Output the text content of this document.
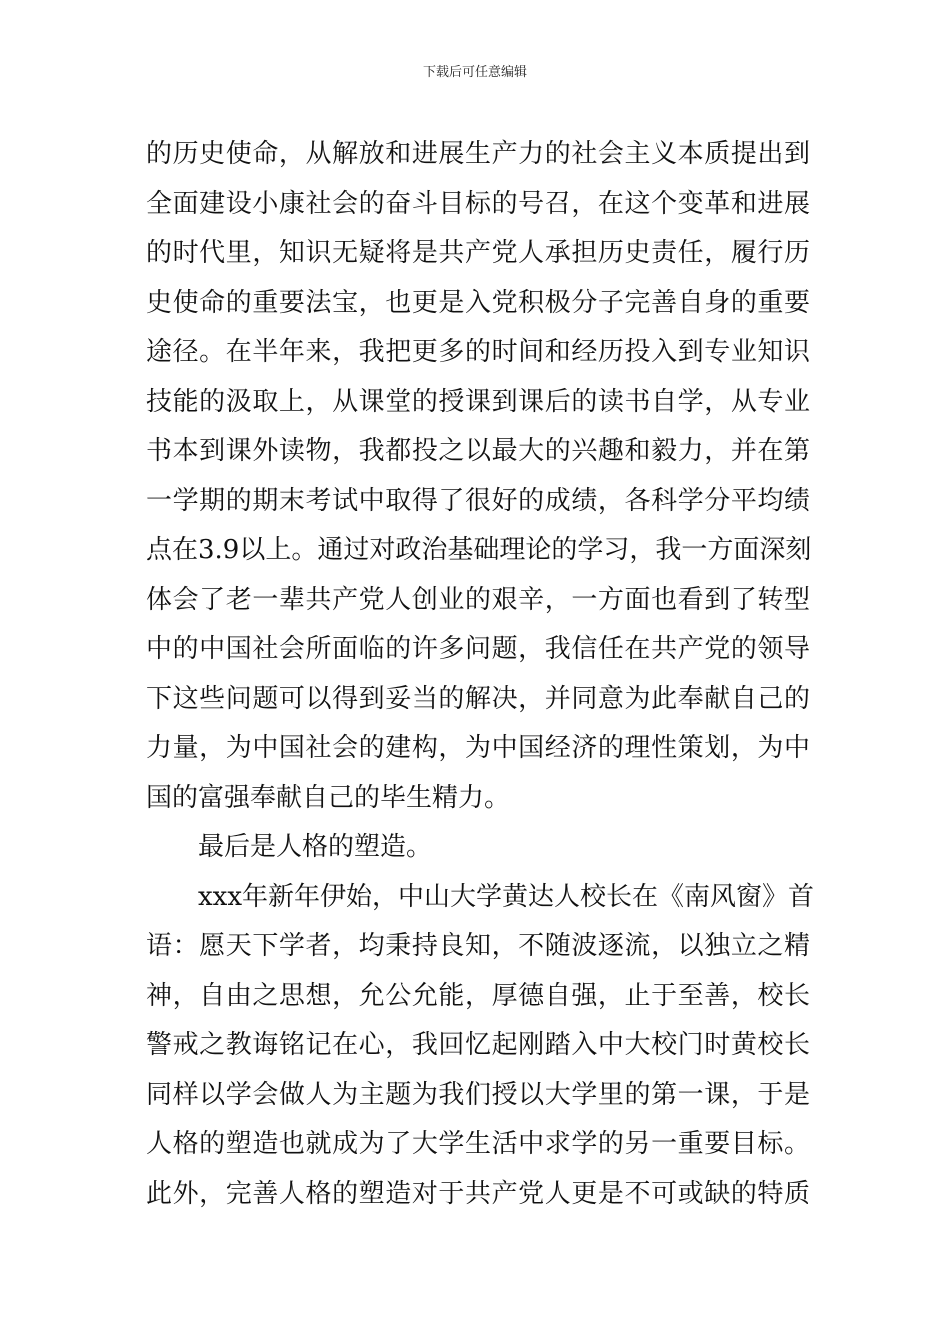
下载后可任意编辑
的历史使命，从解放和进展生产力的社会主义本质提出到
全面建设小康社会的奋斗目标的号召，在这个变革和进展
的时代里，知识无疑将是共产党人承担历史责任，履行历
史使命的重要法宝，也更是入党积极分子完善自身的重要
途径。在半年来，我把更多的时间和经历投入到专业知识
技能的汲取上，从课堂的授课到课后的读书自学，从专业
书本到课外读物，我都投之以最大的兴趣和毅力，并在第
一学期的期末考试中取得了很好的成绩，各科学分平均绩
点在3.9以上。通过对政治基础理论的学习，我一方面深刻
体会了老一辈共产党人创业的艰辛，一方面也看到了转型
中的中国社会所面临的许多问题，我信任在共产党的领导
下这些问题可以得到妥当的解决，并同意为此奉献自己的
力量，为中国社会的建构，为中国经济的理性策划，为中
国的富强奉献自己的毕生精力。
最后是人格的塑造。
xxx年新年伊始，中山大学黄达人校长在《南风窗》首
语：愿天下学者，均秉持良知，不随波逐流，以独立之精
神，自由之思想，允公允能，厚德自强，止于至善，校长
警戒之教诲铭记在心，我回忆起刚踏入中大校门时黄校长
同样以学会做人为主题为我们授以大学里的第一课，于是
人格的塑造也就成为了大学生活中求学的另一重要目标。
此外，完善人格的塑造对于共产党人更是不可或缺的特质
